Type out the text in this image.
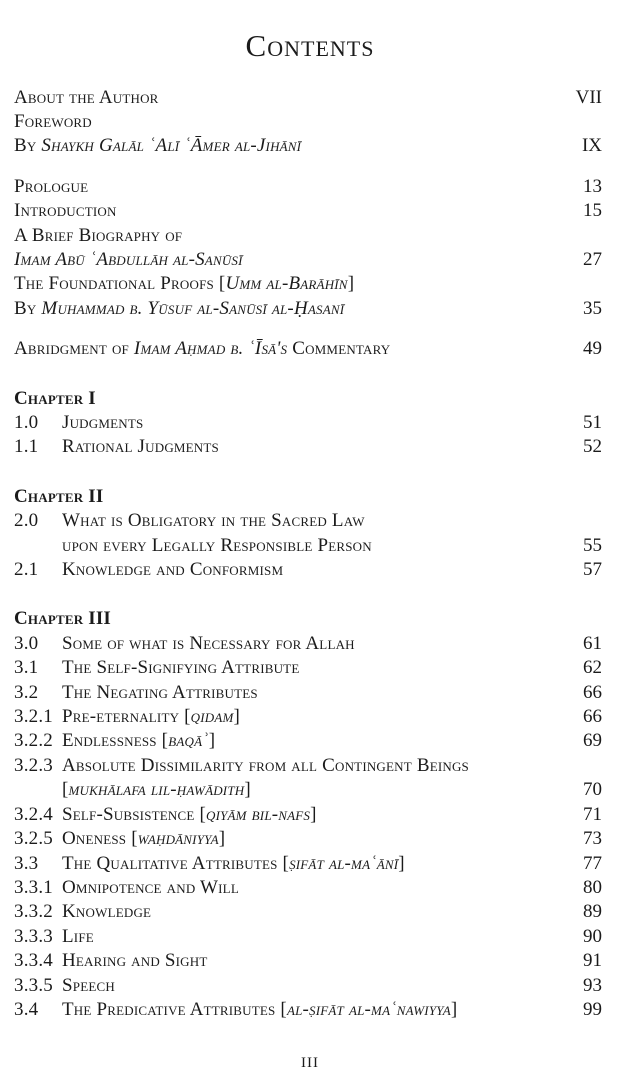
Contents
About the Author	VII
Foreword
By Shaykh Galāl ʿAlī ʿĀmer al-Jihānī	IX
Prologue	13
Introduction	15
A Brief Biography of
Imam Abū ʿAbdullāh al-Sanūsī	27
The Foundational Proofs [Umm al-Barāhīn]
By Muhammad b. Yūsuf al-Sanūsī al-Ḥasanī	35
Abridgment of Imam Aḥmad b. ʿĪsā's Commentary	49
Chapter I
1.0	Judgments	51
1.1	Rational Judgments	52
Chapter II
2.0	What is Obligatory in the Sacred Law
upon every Legally Responsible Person	55
2.1	Knowledge and Conformism	57
Chapter III
3.0	Some of what is Necessary for Allah	61
3.1	The Self-Signifying Attribute	62
3.2	The Negating Attributes	66
3.2.1 Pre-eternality [qidam]	66
3.2.2 Endlessness [baqāʾ]	69
3.2.3 Absolute Dissimilarity from all Contingent Beings
[mukhālafa lil-ḥawādith]	70
3.2.4 Self-Subsistence [qiyām bil-nafs]	71
3.2.5 Oneness [waḥdāniyya]	73
3.3	The Qualitative Attributes [ṣifāt al-maʿānī]	77
3.3.1 Omnipotence and Will	80
3.3.2 Knowledge	89
3.3.3 Life	90
3.3.4 Hearing and Sight	91
3.3.5 Speech	93
3.4	The Predicative Attributes [al-ṣifāt al-maʿnawiyya]	99
III
